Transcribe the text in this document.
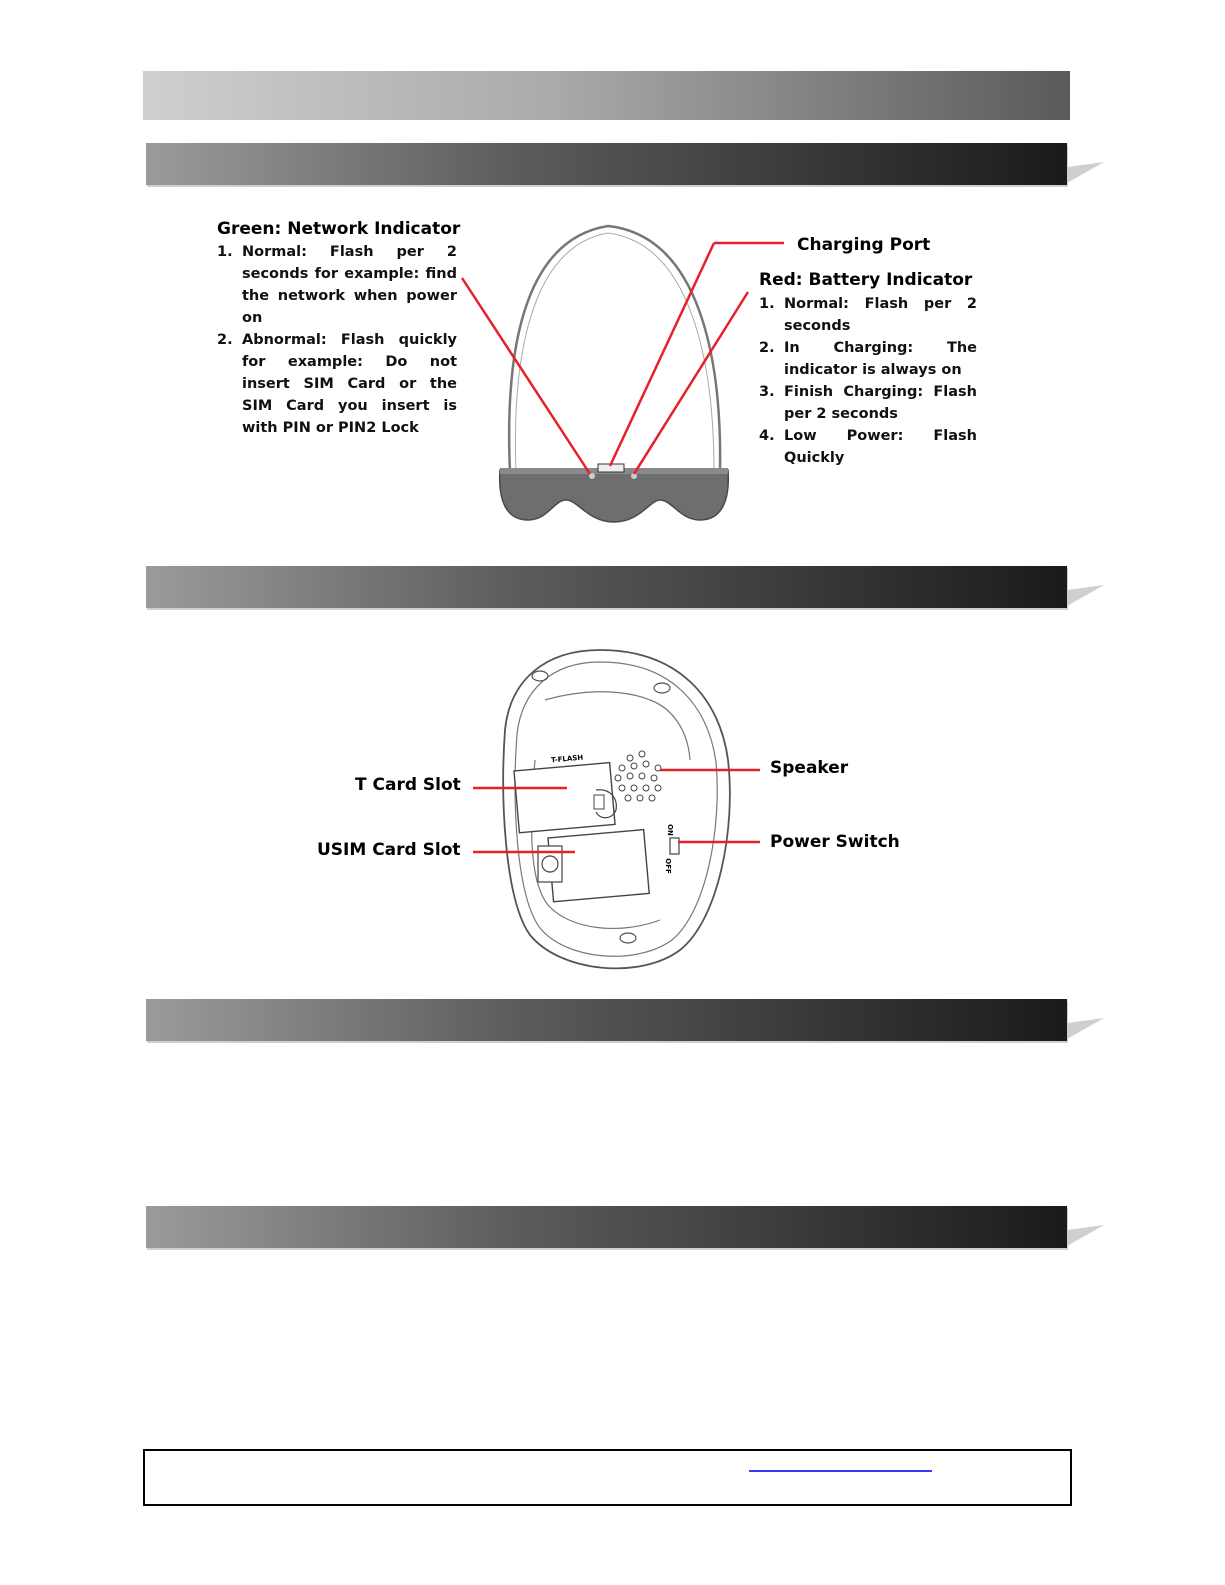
Green: Network Indicator
1. Normal: Flash per 2 seconds for example: find the network when power on
2. Abnormal: Flash quickly for example: Do not insert SIM Card or the SIM Card you insert is with PIN or PIN2 Lock
Charging Port
Red: Battery Indicator
1. Normal: Flash per 2 seconds
2. In Charging: The indicator is always on
3. Finish Charging: Flash per 2 seconds
4. Low Power: Flash Quickly
T-FLASH
ON
OFF
T Card Slot
USIM Card Slot
Speaker
Power Switch
